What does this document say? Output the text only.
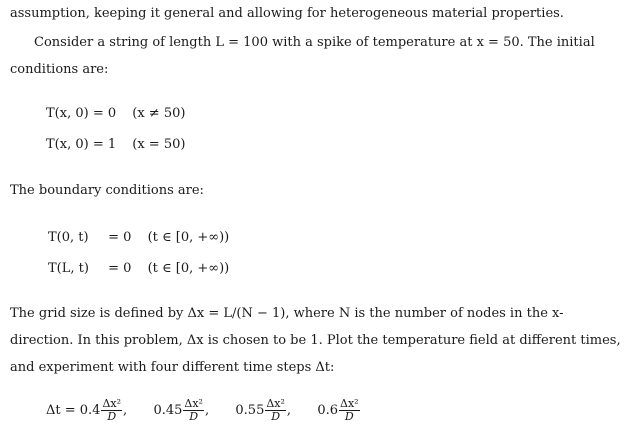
assumption, keeping it general and allowing for heterogeneous material properties.
Consider a string of length L = 100 with a spike of temperature at x = 50. The initial
conditions are:
T(x, 0) = 0 (x ≠ 50)
T(x, 0) = 1 (x = 50)
The boundary conditions are:
T(0, t) = 0 (t ∈ [0, +∞))
T(L, t) = 0 (t ∈ [0, +∞))
The grid size is defined by Δx = L/(N − 1), where N is the number of nodes in the x-
direction. In this problem, Δx is chosen to be 1. Plot the temperature field at different times,
and experiment with four different time steps Δt:
$\Delta t = 0.4 \frac{\text{Δx²}}{D}$ , $0.45 \frac{\text{Δx²}}{D}$ , $0.55 \frac{\text{Δx²}}{D}$ , $0.6 \frac{\text{Δx²}}{D}$
